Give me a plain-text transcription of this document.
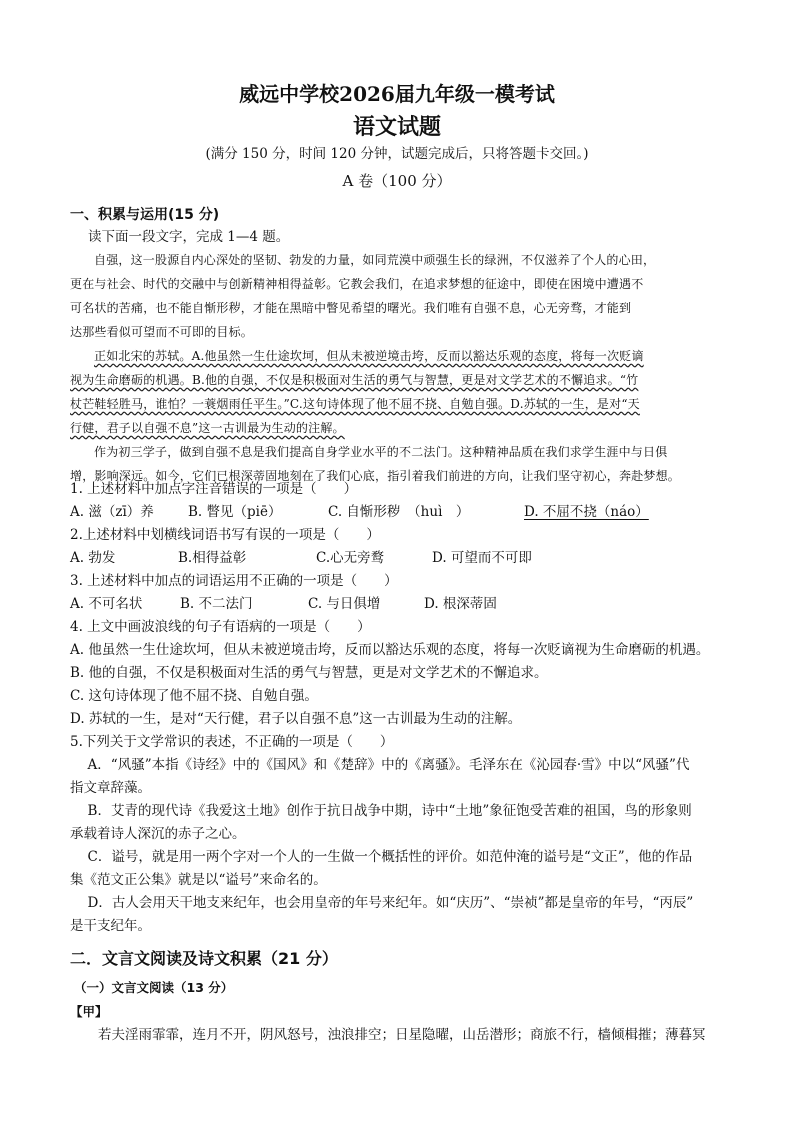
威远中学校2026届九年级一模考试
语文试题
(满分 150 分，时间 120 分钟，试题完成后，只将答题卡交回。)
A 卷（100 分）
一、积累与运用(15 分)
读下面一段文字，完成 1—4 题。
自强，这一股源自内心深处的坚韧、勃发的力量，如同荒漠中顽强生长的绿洲，不仅滋养了个人的心田，
更在与社会、时代的交融中与创新精神相得益彰。它教会我们，在追求梦想的征途中，即使在困境中遭遇不
可名状的苦痛，也不能自惭形秽，才能在黑暗中瞥见希望的曙光。我们唯有自强不息，心无旁骛，才能到
达那些看似可望而不可即的目标。
正如北宋的苏轼。A.他虽然一生仕途坎坷，但从未被逆境击垮，反而以豁达乐观的态度，将每一次贬谪
视为生命磨砺的机遇。B.他的自强，不仅是积极面对生活的勇气与智慧，更是对文学艺术的不懈追求。“竹
杖芒鞋轻胜马，谁怕？一蓑烟雨任平生。”C.这句诗体现了他不屈不挠、自勉自强。D.苏轼的一生，是对“天
行健，君子以自强不息”这一古训最为生动的注解。
作为初三学子，做到自强不息是我们提高自身学业水平的不二法门。这种精神品质在我们求学生涯中与日俱
增，影响深远。如今，它们已根深蒂固地刻在了我们心底，指引着我们前进的方向，让我们坚守初心，奔赴梦想。
1. 上述材料中加点字注音错误的一项是（　　）
A. 滋（zī）养	B. 瞥见（piē）	C. 自惭形秽　（huì　）	D. 不屈不挠（náo）
2.上述材料中划横线词语书写有误的一项是（　　）
A. 勃发	B.相得益彰	C.心无旁鹜	D. 可望而不可即
3. 上述材料中加点的词语运用不正确的一项是（　　）
A. 不可名状	B. 不二法门	C. 与日俱增	D. 根深蒂固
4. 上文中画波浪线的句子有语病的一项是（　　）
A. 他虽然一生仕途坎坷，但从未被逆境击垮，反而以豁达乐观的态度，将每一次贬谪视为生命磨砺的机遇。
B. 他的自强，不仅是积极面对生活的勇气与智慧，更是对文学艺术的不懈追求。
C. 这句诗体现了他不屈不挠、自勉自强。
D. 苏轼的一生，是对“天行健，君子以自强不息”这一古训最为生动的注解。
5.下列关于文学常识的表述，不正确的一项是（　　）
A．“风骚”本指《诗经》中的《国风》和《楚辞》中的《离骚》。毛泽东在《沁园春·雪》中以“风骚”代
指文章辞藻。
B．艾青的现代诗《我爱这土地》创作于抗日战争中期，诗中“土地”象征饱受苦难的祖国，鸟的形象则
承载着诗人深沉的赤子之心。
C．谥号，就是用一两个字对一个人的一生做一个概括性的评价。如范仲淹的谥号是“文正”，他的作品
集《范文正公集》就是以“谥号”来命名的。
D．古人会用天干地支来纪年，也会用皇帝的年号来纪年。如“庆历”、“崇祯”都是皇帝的年号，“丙辰”
是干支纪年。
二．文言文阅读及诗文积累（21 分）
（一）文言文阅读（13 分）
【甲】
若夫淫雨霏霏，连月不开，阴风怒号，浊浪排空；日星隐曜，山岳潜形；商旅不行，樯倾楫摧；薄暮冥
